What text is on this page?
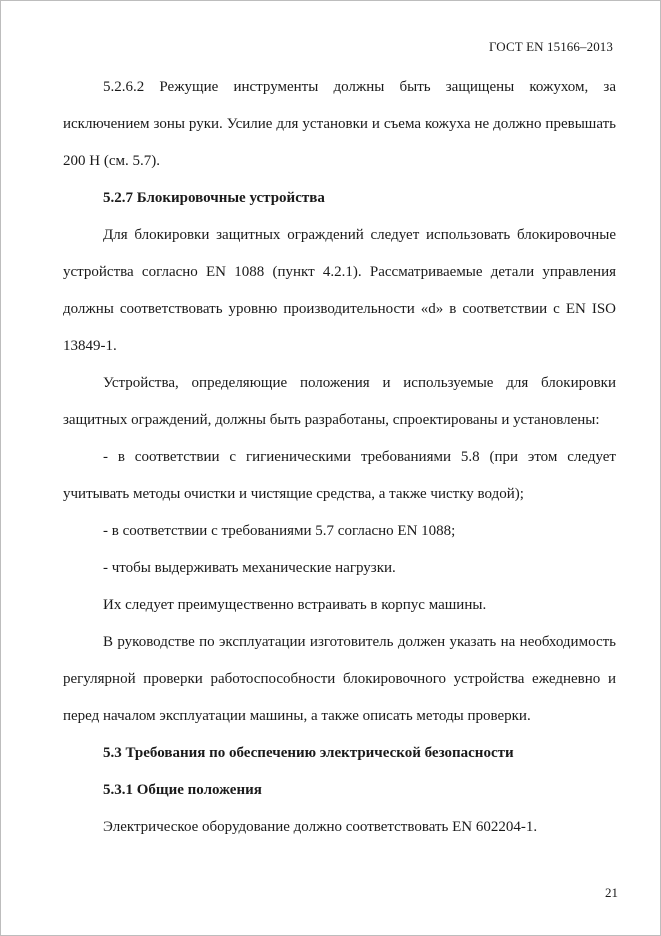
ГОСТ EN 15166–2013

5.2.6.2 Режущие инструменты должны быть защищены кожухом, за исключением зоны руки. Усилие для установки и съема кожуха не должно превышать 200 Н (см. 5.7).

5.2.7 Блокировочные устройства

Для блокировки защитных ограждений следует использовать блокировочные устройства согласно EN 1088 (пункт 4.2.1). Рассматриваемые детали управления должны соответствовать уровню производительности «d» в соответствии с EN ISO 13849-1.

Устройства, определяющие положения и используемые для блокировки защитных ограждений, должны быть разработаны, спроектированы и установлены:

- в соответствии с гигиеническими требованиями 5.8 (при этом следует учитывать методы очистки и чистящие средства, а также чистку водой);

- в соответствии с требованиями 5.7 согласно EN 1088;

- чтобы выдерживать механические нагрузки.

Их следует преимущественно встраивать в корпус машины.

В руководстве по эксплуатации изготовитель должен указать на необходимость регулярной проверки работоспособности блокировочного устройства ежедневно и перед началом эксплуатации машины, а также описать методы проверки.

5.3 Требования по обеспечению электрической безопасности

5.3.1 Общие положения

Электрическое оборудование должно соответствовать EN 602204-1.

21
